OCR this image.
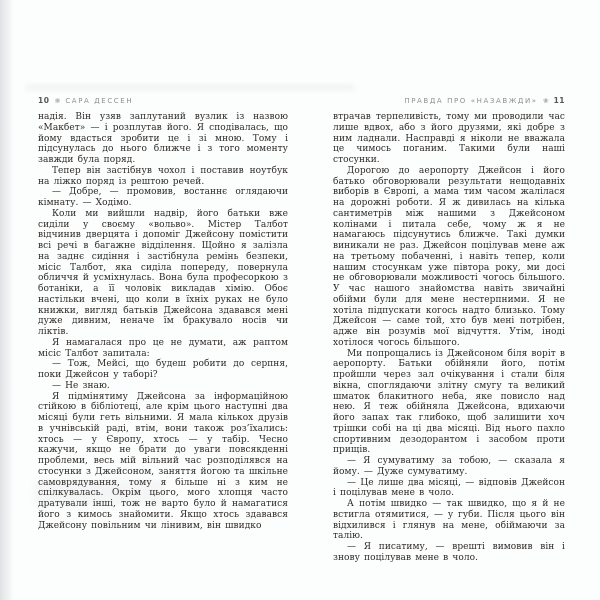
10 ❀ САРА ДЕССЕН

надія. Він узяв заплутаний вузлик із назвою «Макбет» — і розплутав його. Я сподівалась, що йому вдасться зробити це і зі мною. Тому і підсунулась до нього ближче і з того моменту завжди була поряд.

Тепер він застібнув чохол і поставив ноутбук на ліжко поряд із рештою речей.

— Добре, — промовив, востаннє оглядаючи кімнату. — Ходімо.

Коли ми вийшли надвір, його батьки вже сиділи у своєму «вольво». Містер Талбот відчинив дверцята і допоміг Джейсону помістити всі речі в багажне відділення. Щойно я залізла на заднє сидіння і застібнула ремінь безпеки, місіс Талбот, яка сиділа попереду, повернула обличчя й усміхнулась. Вона була професоркою з ботаніки, а її чоловік викладав хімію. Обоє настільки вчені, що коли в їхніх руках не було книжки, вигляд батьків Джейсона здавався мені дуже дивним, неначе їм бракувало носів чи ліктів.

Я намагалася про це не думати, аж раптом місіс Талбот запитала:

— Тож, Мейсі, що будеш робити до серпня, поки Джейсон у таборі?

— Не знаю.

Я підмінятиму Джейсона за інформаційною стійкою в бібліотеці, але крім цього наступні два місяці були геть вільними. Я мала кількох друзів в учнівській раді, втім, вони також роз’їхались: хтось — у Європу, хтось — у табір. Чесно кажучи, якщо не брати до уваги повсякденні проблеми, весь мій вільний час розподілявся на стосунки з Джейсоном, заняття йогою та шкільне самоврядування, тому я більше ні з ким не спілкувалась. Окрім цього, мого хлопця часто дратували інші, тож не варто було й намагатися його з кимось знайомити. Якщо хтось здавався Джейсону повільним чи лінивим, він швидко

ПРАВДА ПРО «НАЗАВЖДИ» ❀ 11

втрачав терпеливість, тому ми проводили час лише вдвох, або з його друзями, які добре з ним ладнали. Насправді я ніколи не вважала це чимось поганим. Такими були наші стосунки.

Дорогою до аеропорту Джейсон і його батько обговорювали результати нещодавніх виборів в Європі, а мама тим часом жалілася на дорожні роботи. Я ж дивилась на кілька сантиметрів між нашими з Джейсоном колінами і питала себе, чому ж я не намагаюсь підсунутись ближче. Такі думки виникали не раз. Джейсон поцілував мене аж на третьому побаченні, і навіть тепер, коли нашим стосункам уже півтора року, ми досі не обговорювали можливості чогось більшого. У час нашого знайомства навіть звичайні обійми були для мене нестерпними. Я не хотіла підпускати когось надто близько. Тому Джейсон — саме той, хто був мені потрібен, адже він розумів мої відчуття. Утім, іноді хотілося чогось більшого.

Ми попрощались із Джейсоном біля воріт в аеропорту. Батьки обійняли його, потім пройшли через зал очікування і стали біля вікна, споглядаючи злітну смугу та великий шматок блакитного неба, яке повисло над нею. Я теж обійняла Джейсона, вдихаючи його запах так глибоко, щоб залишити хоч трішки собі на ці два місяці. Від нього пахло спортивним дезодорантом і засобом проти прищів.

— Я сумуватиму за тобою, — сказала я йому. — Дуже сумуватиму.

— Це лише два місяці, — відповів Джейсон і поцілував мене в чоло.

А потім швидко — так швидко, що я й не встигла отямитися, — у губи. Після цього він відхилився і глянув на мене, обіймаючи за талію.

— Я писатиму, — врешті вимовив він і знову поцілував мене в чоло.
